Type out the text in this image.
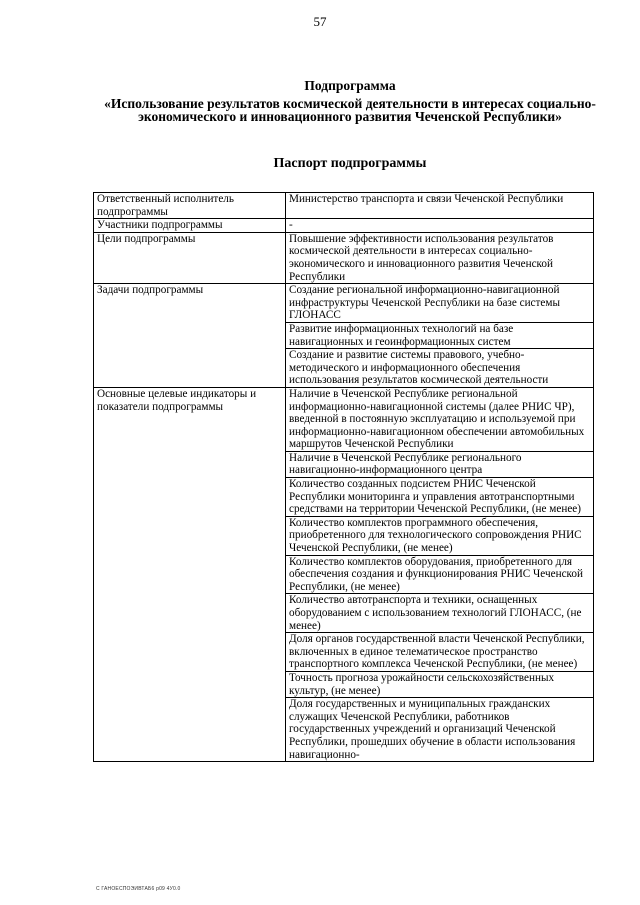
57
Подпрограмма
«Использование результатов космической деятельности в интересах социально-экономического и инновационного развития Чеченской Республики»
Паспорт подпрограммы
Ответственный исполнитель подпрограммы	Министерство транспорта и связи Чеченской Республики
Участники подпрограммы	-
Цели подпрограммы	Повышение эффективности использования результатов космической деятельности в интересах социально-экономического и инновационного развития Чеченской Республики
Задачи подпрограммы	Создание региональной информационно-навигационной инфраструктуры Чеченской Республики на базе системы ГЛОНАСС
	Развитие информационных технологий на базе навигационных и геоинформационных систем
	Создание и развитие системы правового, учебно-методического и информационного обеспечения использования результатов космической деятельности
Основные целевые индикаторы и показатели подпрограммы	Наличие в Чеченской Республике региональной информационно-навигационной системы (далее РНИС ЧР), введенной в постоянную эксплуатацию и используемой при информационно-навигационном обеспечении автомобильных маршрутов Чеченской Республики
	Наличие в Чеченской Республике регионального навигационно-информационного центра
	Количество созданных подсистем РНИС Чеченской Республики мониторинга и управления автотранспортными средствами на территории Чеченской Республики, (не менее)
	Количество комплектов программного обеспечения, приобретенного для технологического сопровождения РНИС Чеченской Республики, (не менее)
	Количество комплектов оборудования, приобретенного для обеспечения создания и функционирования РНИС Чеченской Республики, (не менее)
	Количество автотранспорта и техники, оснащенных оборудованием с использованием технологий ГЛОНАСС, (не менее)
	Доля органов государственной власти Чеченской Республики, включенных в единое телематическое пространство транспортного комплекса Чеченской Республики, (не менее)
	Точность прогноза урожайности сельскохозяйственных культур, (не менее)
	Доля государственных и муниципальных гражданских служащих Чеченской Республики, работников государственных учреждений и организаций Чеченской Республики, прошедших обучение в области использования навигационно-
С ГАНОЕСПОЭИВТАБ6 р09 4У0.0
